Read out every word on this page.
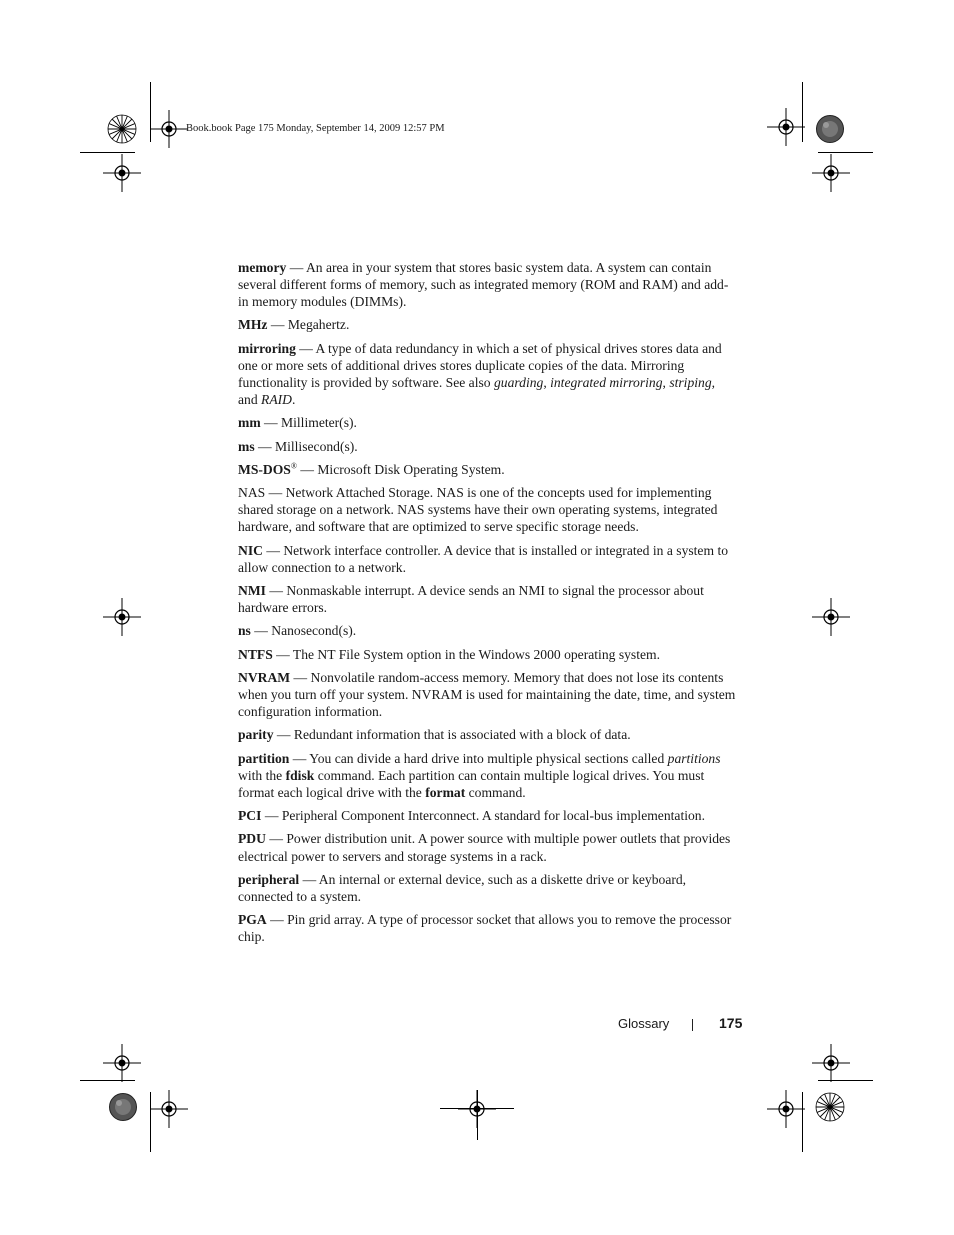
Book.book Page 175 Monday, September 14, 2009 12:57 PM

memory — An area in your system that stores basic system data. A system can contain several different forms of memory, such as integrated memory (ROM and RAM) and add-in memory modules (DIMMs).

MHz — Megahertz.

mirroring — A type of data redundancy in which a set of physical drives stores data and one or more sets of additional drives stores duplicate copies of the data. Mirroring functionality is provided by software. See also guarding, integrated mirroring, striping, and RAID.

mm — Millimeter(s).

ms — Millisecond(s).

MS-DOS® — Microsoft Disk Operating System.

NAS — Network Attached Storage. NAS is one of the concepts used for implementing shared storage on a network. NAS systems have their own operating systems, integrated hardware, and software that are optimized to serve specific storage needs.

NIC — Network interface controller. A device that is installed or integrated in a system to allow connection to a network.

NMI — Nonmaskable interrupt. A device sends an NMI to signal the processor about hardware errors.

ns — Nanosecond(s).

NTFS — The NT File System option in the Windows 2000 operating system.

NVRAM — Nonvolatile random-access memory. Memory that does not lose its contents when you turn off your system. NVRAM is used for maintaining the date, time, and system configuration information.

parity — Redundant information that is associated with a block of data.

partition — You can divide a hard drive into multiple physical sections called partitions with the fdisk command. Each partition can contain multiple logical drives. You must format each logical drive with the format command.

PCI — Peripheral Component Interconnect. A standard for local-bus implementation.

PDU — Power distribution unit. A power source with multiple power outlets that provides electrical power to servers and storage systems in a rack.

peripheral — An internal or external device, such as a diskette drive or keyboard, connected to a system.

PGA — Pin grid array. A type of processor socket that allows you to remove the processor chip.

Glossary	175
